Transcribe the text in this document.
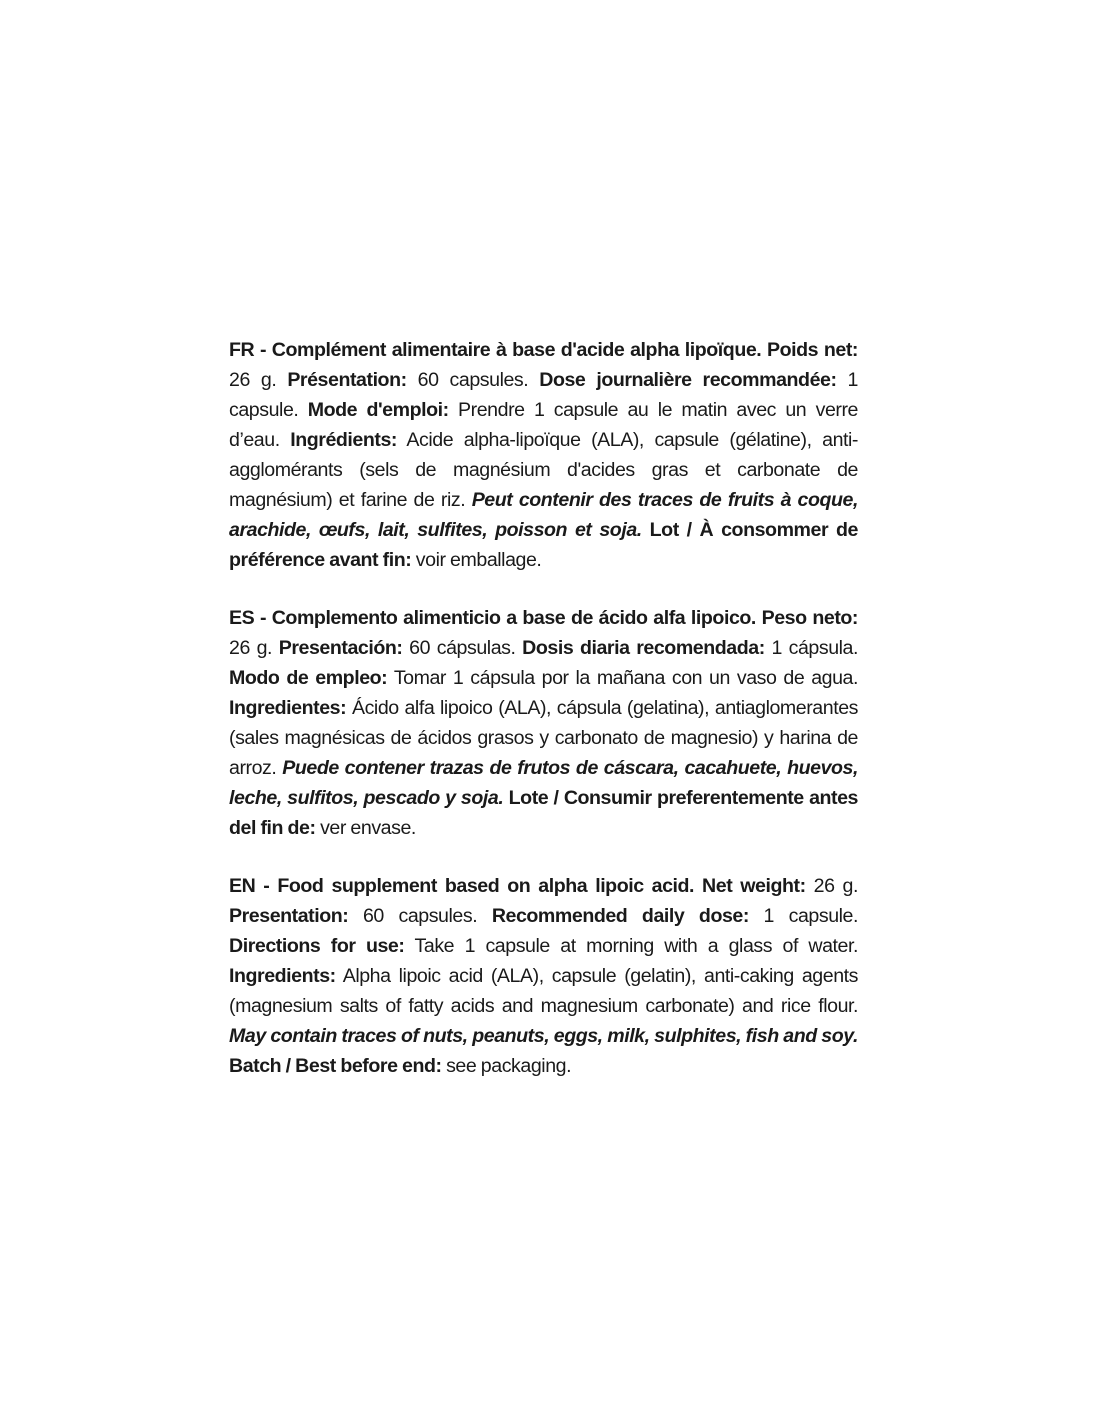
FR - Complément alimentaire à base d'acide alpha lipoïque. Poids net: 26 g. Présentation: 60 capsules. Dose journalière recommandée: 1 capsule. Mode d'emploi: Prendre 1 capsule au le matin avec un verre d’eau. Ingrédients: Acide alpha-lipoïque (ALA), capsule (gélatine), anti-agglomérants (sels de magnésium d'acides gras et carbonate de magnésium) et farine de riz. Peut contenir des traces de fruits à coque, arachide, œufs, lait, sulfites, poisson et soja. Lot / À consommer de préférence avant fin: voir emballage.

ES - Complemento alimenticio a base de ácido alfa lipoico. Peso neto: 26 g. Presentación: 60 cápsulas. Dosis diaria recomendada: 1 cápsula. Modo de empleo: Tomar 1 cápsula por la mañana con un vaso de agua. Ingredientes: Ácido alfa lipoico (ALA), cápsula (gelatina), antiaglomerantes (sales magnésicas de ácidos grasos y carbonato de magnesio) y harina de arroz. Puede contener trazas de frutos de cáscara, cacahuete, huevos, leche, sulfitos, pescado y soja. Lote / Consumir preferentemente antes del fin de: ver envase.

EN - Food supplement based on alpha lipoic acid. Net weight: 26 g. Presentation: 60 capsules. Recommended daily dose: 1 capsule. Directions for use: Take 1 capsule at morning with a glass of water. Ingredients: Alpha lipoic acid (ALA), capsule (gelatin), anti-caking agents (magnesium salts of fatty acids and magnesium carbonate) and rice flour. May contain traces of nuts, peanuts, eggs, milk, sulphites, fish and soy. Batch / Best before end: see packaging.
